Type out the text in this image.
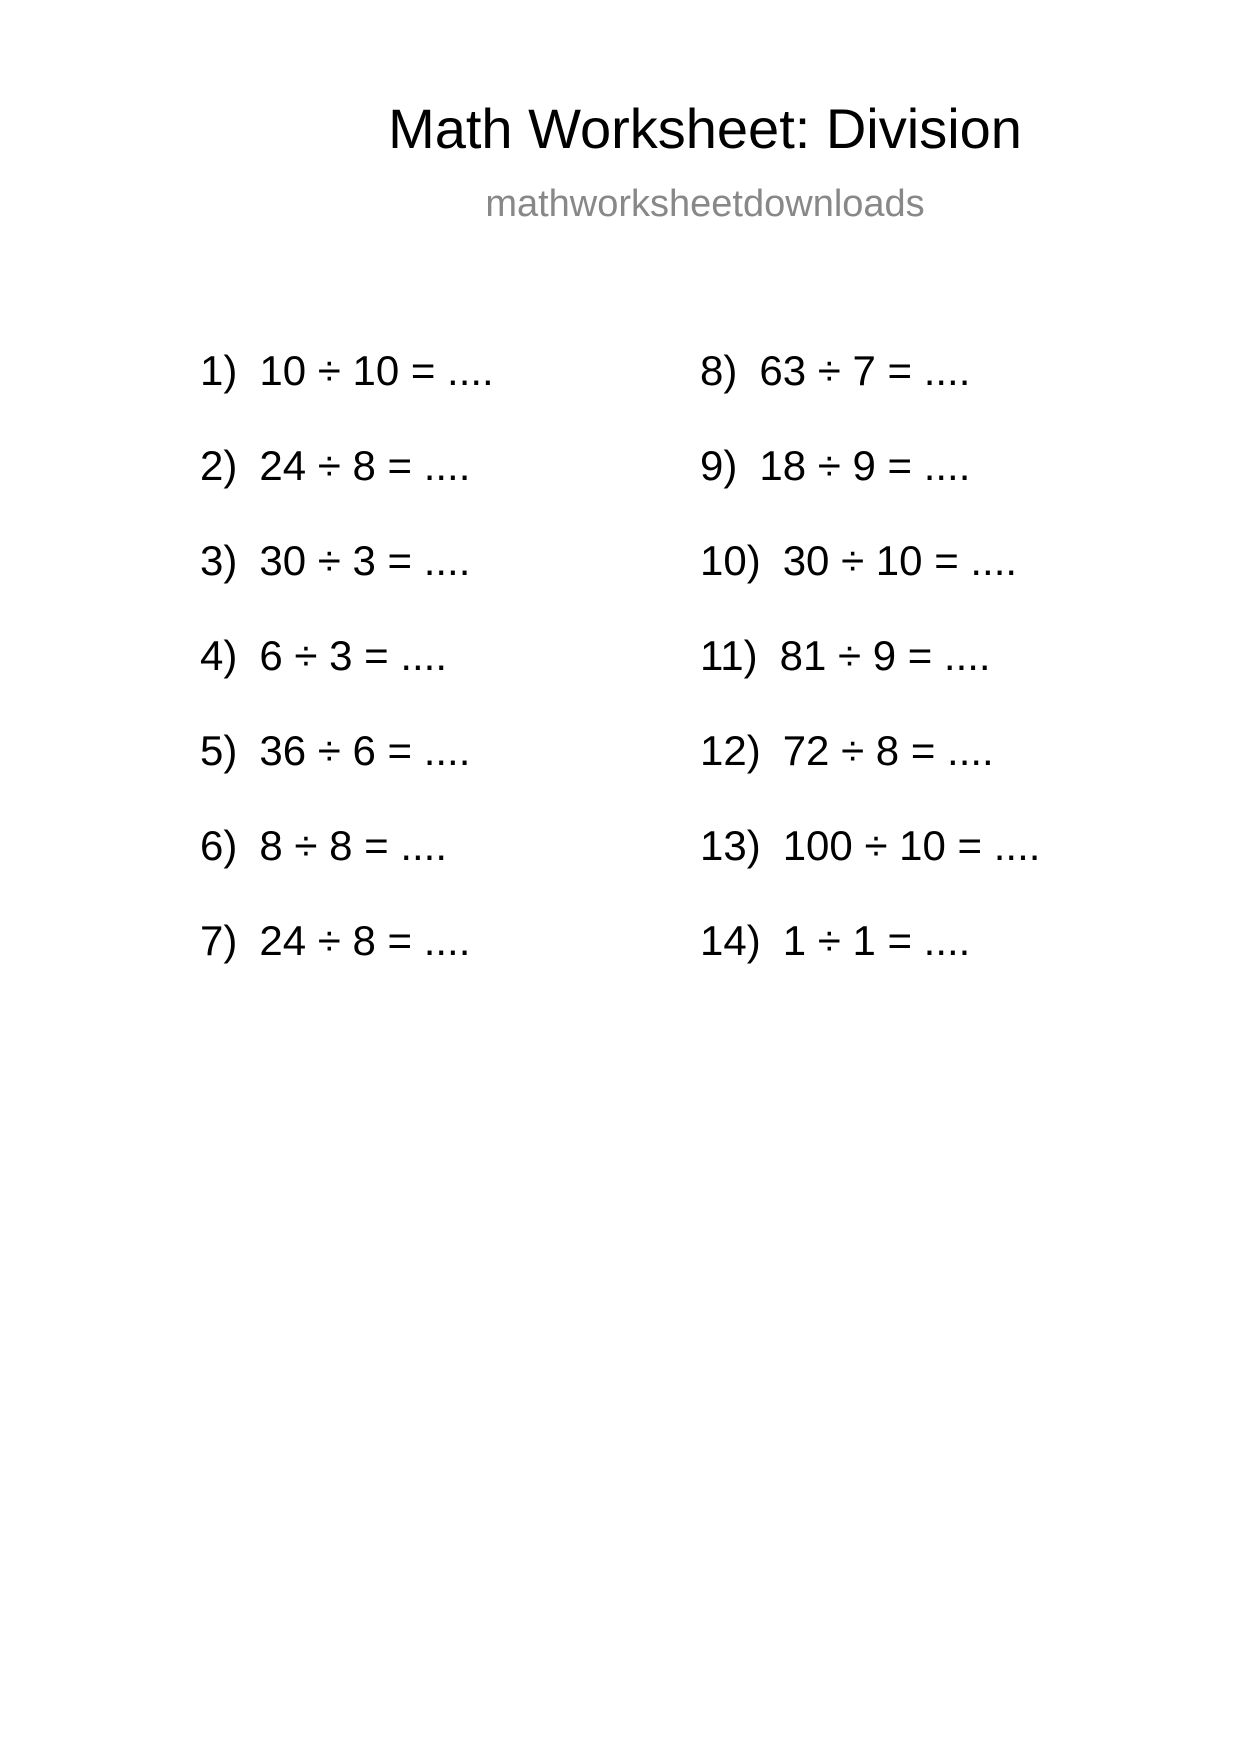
Math Worksheet: Division
mathworksheetdownloads
1) 10 ÷ 10 = ....
2) 24 ÷ 8 = ....
3) 30 ÷ 3 = ....
4) 6 ÷ 3 = ....
5) 36 ÷ 6 = ....
6) 8 ÷ 8 = ....
7) 24 ÷ 8 = ....
8) 63 ÷ 7 = ....
9) 18 ÷ 9 = ....
10) 30 ÷ 10 = ....
11) 81 ÷ 9 = ....
12) 72 ÷ 8 = ....
13) 100 ÷ 10 = ....
14) 1 ÷ 1 = ....
